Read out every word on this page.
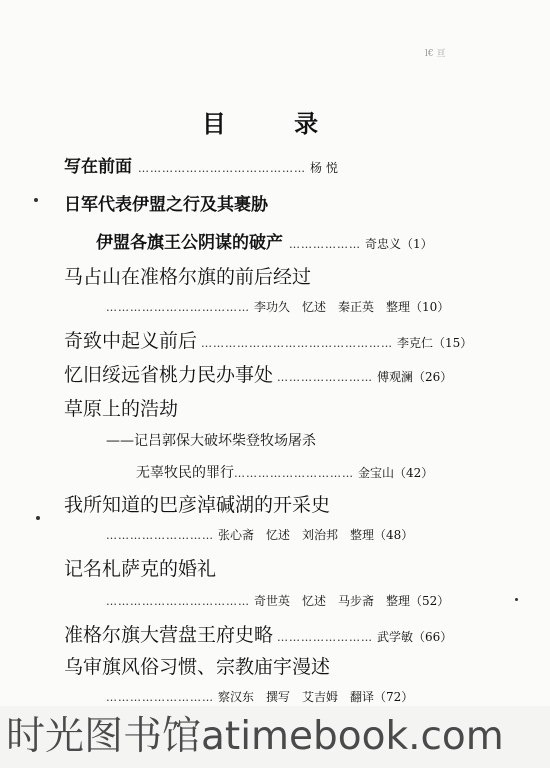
l€ 亘
目 录
写在前面 …………………………………… 杨 悦
日军代表伊盟之行及其裹胁
伊盟各旗王公阴谋的破产 ……………… 奇忠义 （1）
马占山在准格尔旗的前后经过
……………………………… 李功久　忆述　秦正英　整理 （10）
奇致中起义前后 ………………………………………… 李克仁 （15）
忆旧绥远省桃力民办事处 …………………… 傅观澜 （26）
草原上的浩劫
——记吕郭保大破坏柴登牧场屠杀
无辜牧民的罪行 ………………………… 金宝山 （42）
我所知道的巴彦淖碱湖的开采史
……………………… 张心斋　忆述　刘治邦　整理 （48）
记名札萨克的婚礼
……………………………… 奇世英　忆述　马步斋　整理 （52）
准格尔旗大营盘王府史略 …………………… 武学敏 （66）
乌审旗风俗习惯、宗教庙宇漫述
……………………… 察汉东　撰写　艾吉姆　翻译 （72）
时光图书馆atimebook.com
